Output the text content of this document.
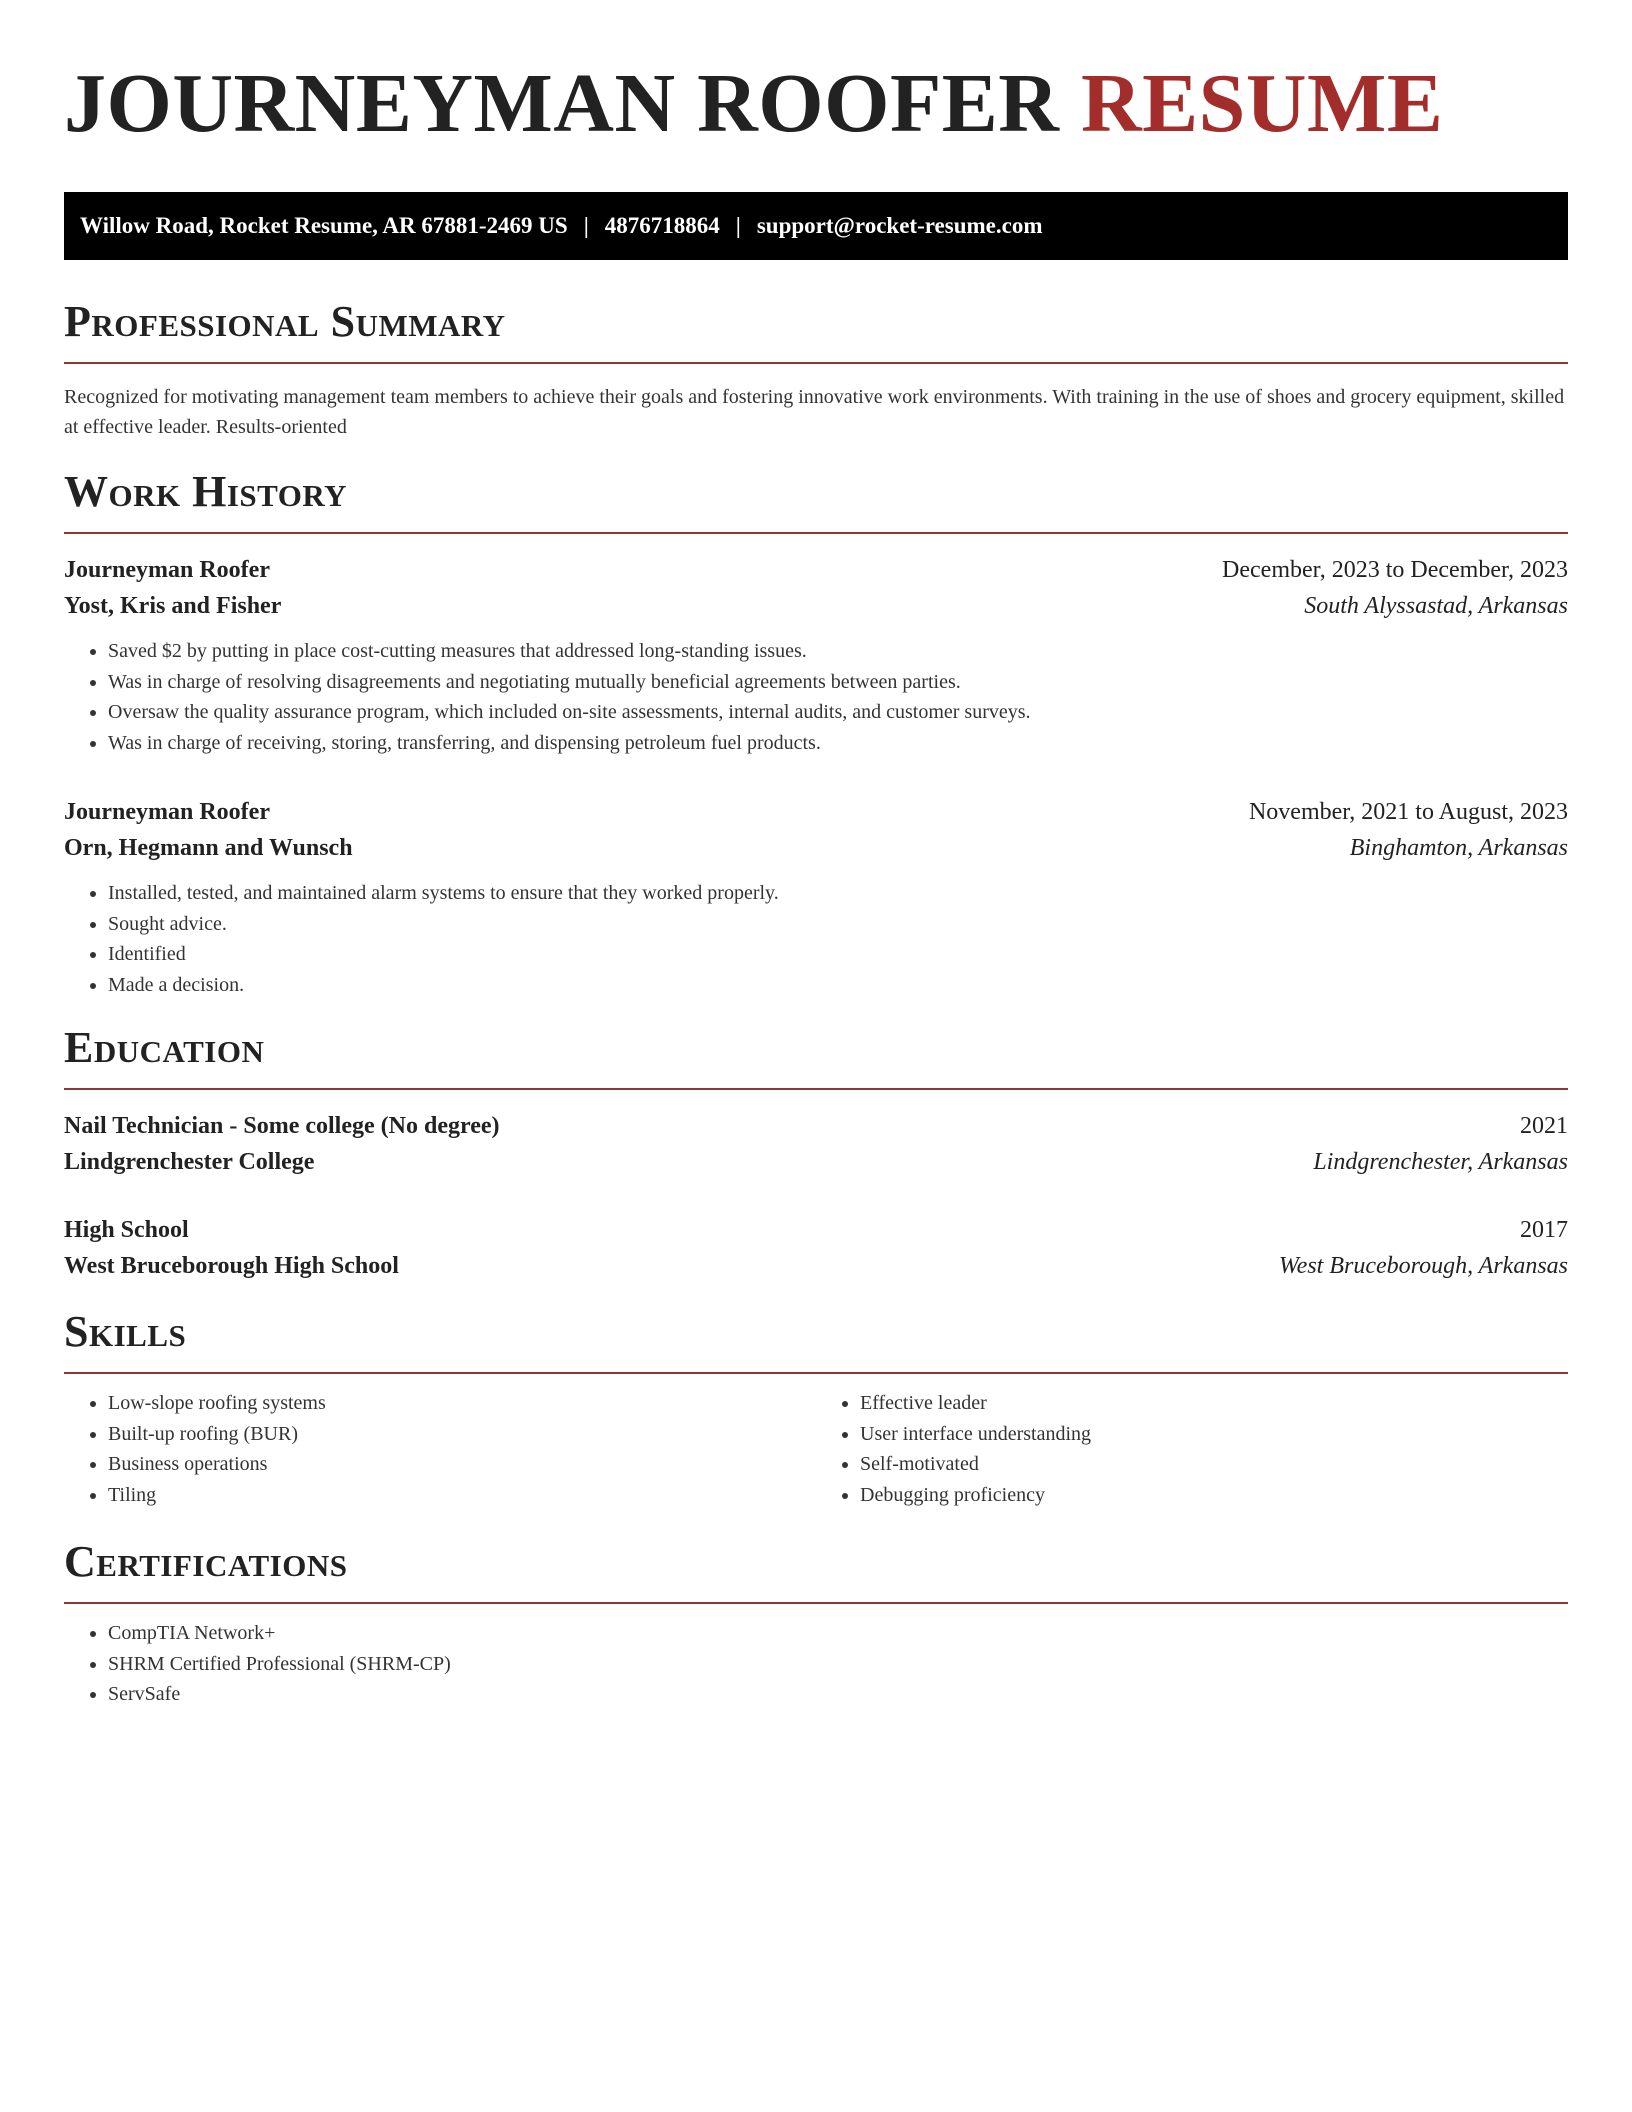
JOURNEYMAN ROOFER RESUME
Willow Road, Rocket Resume, AR 67881-2469 US | 4876718864 | support@rocket-resume.com
Professional Summary

Recognized for motivating management team members to achieve their goals and fostering innovative work environments. With training in the use of shoes and grocery equipment, skilled at effective leader. Results-oriented

Work History
Journeyman Roofer	December, 2023 to December, 2023
Yost, Kris and Fisher	South Alyssastad, Arkansas
• Saved $2 by putting in place cost-cutting measures that addressed long-standing issues.
• Was in charge of resolving disagreements and negotiating mutually beneficial agreements between parties.
• Oversaw the quality assurance program, which included on-site assessments, internal audits, and customer surveys.
• Was in charge of receiving, storing, transferring, and dispensing petroleum fuel products.
Journeyman Roofer	November, 2021 to August, 2023
Orn, Hegmann and Wunsch	Binghamton, Arkansas
• Installed, tested, and maintained alarm systems to ensure that they worked properly.
• Sought advice.
• Identified
• Made a decision.
Education
Nail Technician - Some college (No degree)	2021
Lindgrenchester College	Lindgrenchester, Arkansas
High School	2017
West Bruceborough High School	West Bruceborough, Arkansas
Skills
• Low-slope roofing systems
• Built-up roofing (BUR)
• Business operations
• Tiling
• Effective leader
• User interface understanding
• Self-motivated
• Debugging proficiency
Certifications
• CompTIA Network+
• SHRM Certified Professional (SHRM-CP)
• ServSafe
